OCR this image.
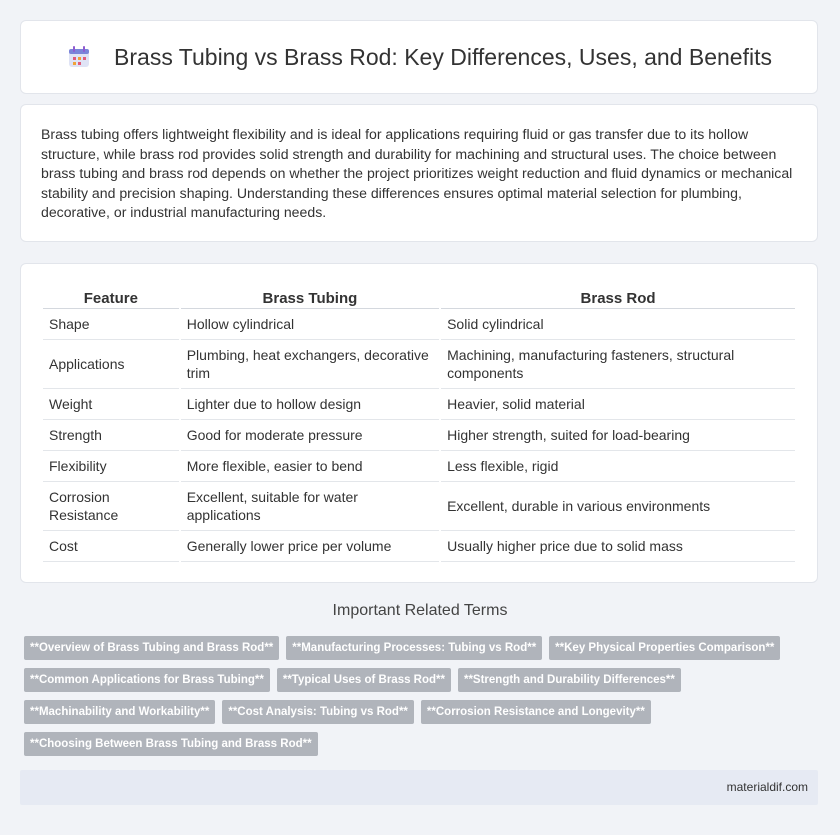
Brass Tubing vs Brass Rod: Key Differences, Uses, and Benefits

Brass tubing offers lightweight flexibility and is ideal for applications requiring fluid or gas transfer due to its hollow structure, while brass rod provides solid strength and durability for machining and structural uses. The choice between brass tubing and brass rod depends on whether the project prioritizes weight reduction and fluid dynamics or mechanical stability and precision shaping. Understanding these differences ensures optimal material selection for plumbing, decorative, or industrial manufacturing needs.

Feature	Brass Tubing	Brass Rod
Shape	Hollow cylindrical	Solid cylindrical
Applications	Plumbing, heat exchangers, decorative trim	Machining, manufacturing fasteners, structural components
Weight	Lighter due to hollow design	Heavier, solid material
Strength	Good for moderate pressure	Higher strength, suited for load-bearing
Flexibility	More flexible, easier to bend	Less flexible, rigid
Corrosion Resistance	Excellent, suitable for water applications	Excellent, durable in various environments
Cost	Generally lower price per volume	Usually higher price due to solid mass
Important Related Terms
**Overview of Brass Tubing and Brass Rod**	**Manufacturing Processes: Tubing vs Rod**	**Key Physical Properties Comparison**
**Common Applications for Brass Tubing**	**Typical Uses of Brass Rod**	**Strength and Durability Differences**
**Machinability and Workability**	**Cost Analysis: Tubing vs Rod**	**Corrosion Resistance and Longevity**
**Choosing Between Brass Tubing and Brass Rod**
materialdif.com
